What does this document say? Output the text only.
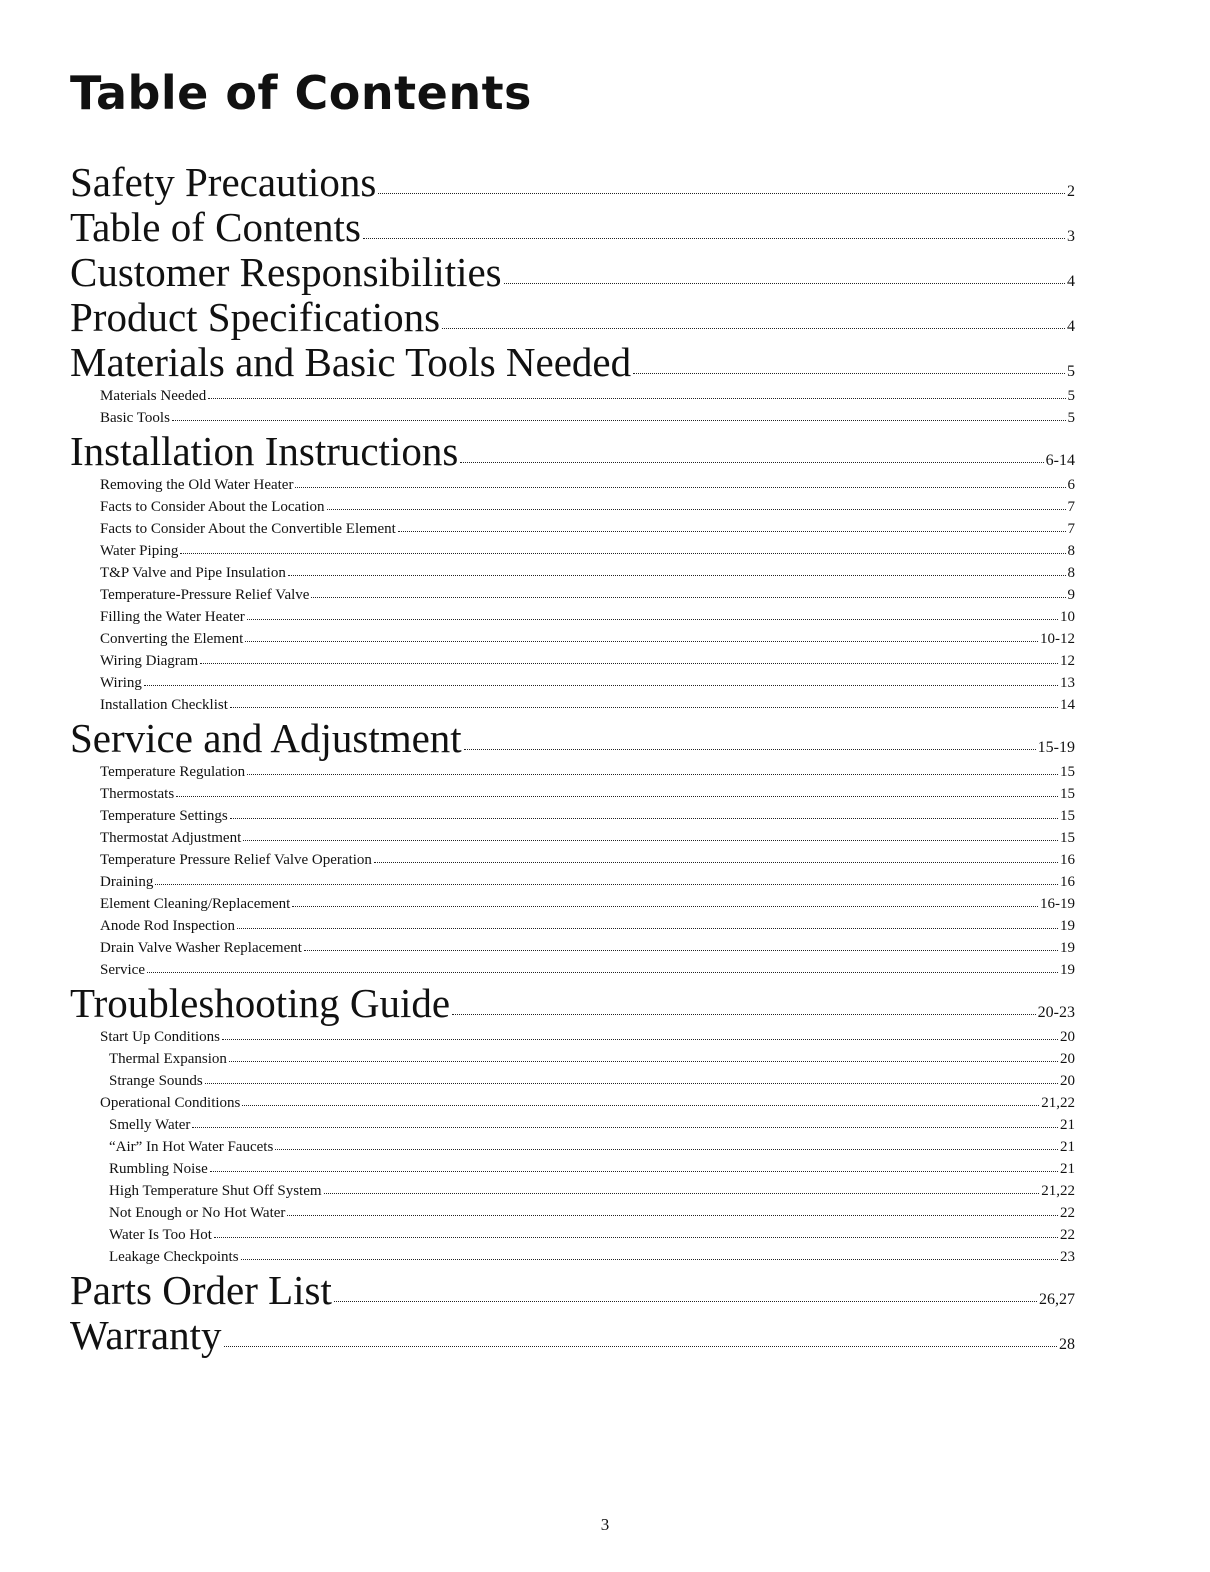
Table of Contents
Safety Precautions	2
Table of Contents	3
Customer Responsibilities	4
Product Specifications	4
Materials and Basic Tools Needed	5
Materials Needed	5
Basic Tools	5
Installation Instructions	6-14
Removing the Old Water Heater	6
Facts to Consider About the Location	7
Facts to Consider About the Convertible Element	7
Water Piping	8
T&P Valve and Pipe Insulation	8
Temperature-Pressure Relief Valve	9
Filling the Water Heater	10
Converting the Element	10-12
Wiring Diagram	12
Wiring	13
Installation Checklist	14
Service and Adjustment	15-19
Temperature Regulation	15
Thermostats	15
Temperature Settings	15
Thermostat Adjustment	15
Temperature Pressure Relief Valve Operation	16
Draining	16
Element Cleaning/Replacement	16-19
Anode Rod Inspection	19
Drain Valve Washer Replacement	19
Service	19
Troubleshooting Guide	20-23
Start Up Conditions	20
Thermal Expansion	20
Strange Sounds	20
Operational Conditions	21,22
Smelly Water	21
“Air” In Hot Water Faucets	21
Rumbling Noise	21
High Temperature Shut Off System	21,22
Not Enough or No Hot Water	22
Water Is Too Hot	22
Leakage Checkpoints	23
Parts Order List	26,27
Warranty	28
3
